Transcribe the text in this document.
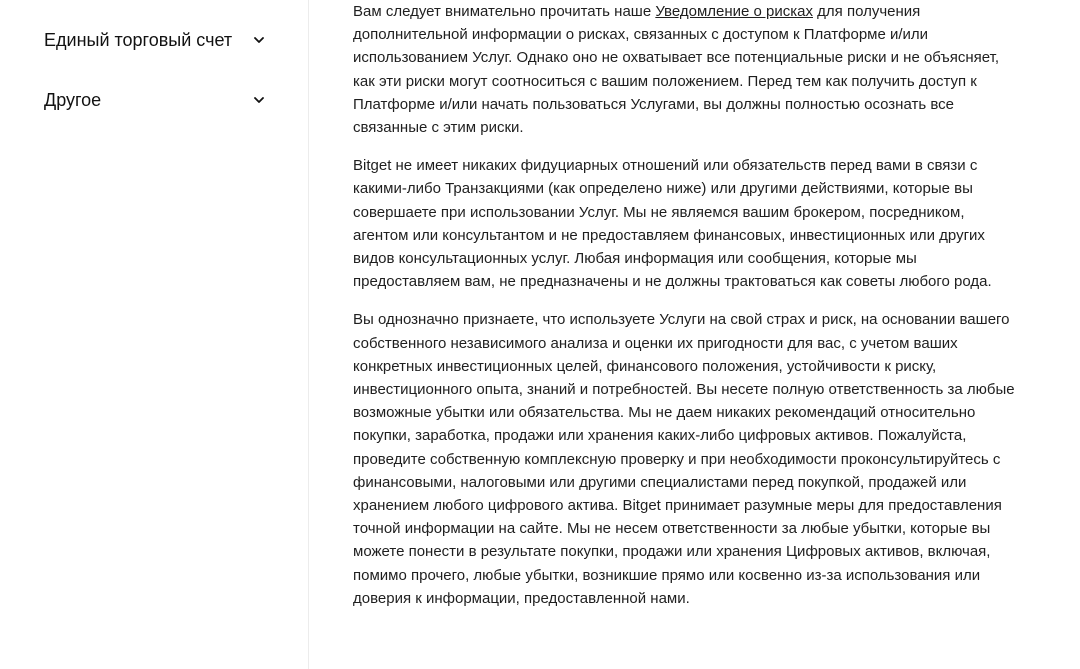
Единый торговый счет
Другое

Вам следует внимательно прочитать наше Уведомление о рисках для получения дополнительной информации о рисках, связанных с доступом к Платформе и/или использованием Услуг. Однако оно не охватывает все потенциальные риски и не объясняет, как эти риски могут соотноситься с вашим положением. Перед тем как получить доступ к Платформе и/или начать пользоваться Услугами, вы должны полностью осознать все связанные с этим риски.

Bitget не имеет никаких фидуциарных отношений или обязательств перед вами в связи с какими-либо Транзакциями (как определено ниже) или другими действиями, которые вы совершаете при использовании Услуг. Мы не являемся вашим брокером, посредником, агентом или консультантом и не предоставляем финансовых, инвестиционных или других видов консультационных услуг. Любая информация или сообщения, которые мы предоставляем вам, не предназначены и не должны трактоваться как советы любого рода.

Вы однозначно признаете, что используете Услуги на свой страх и риск, на основании вашего собственного независимого анализа и оценки их пригодности для вас, с учетом ваших конкретных инвестиционных целей, финансового положения, устойчивости к риску, инвестиционного опыта, знаний и потребностей. Вы несете полную ответственность за любые возможные убытки или обязательства. Мы не даем никаких рекомендаций относительно покупки, заработка, продажи или хранения каких-либо цифровых активов. Пожалуйста, проведите собственную комплексную проверку и при необходимости проконсультируйтесь с финансовыми, налоговыми или другими специалистами перед покупкой, продажей или хранением любого цифрового актива. Bitget принимает разумные меры для предоставления точной информации на сайте. Мы не несем ответственности за любые убытки, которые вы можете понести в результате покупки, продажи или хранения Цифровых активов, включая, помимо прочего, любые убытки, возникшие прямо или косвенно из-за использования или доверия к информации, предоставленной нами.
